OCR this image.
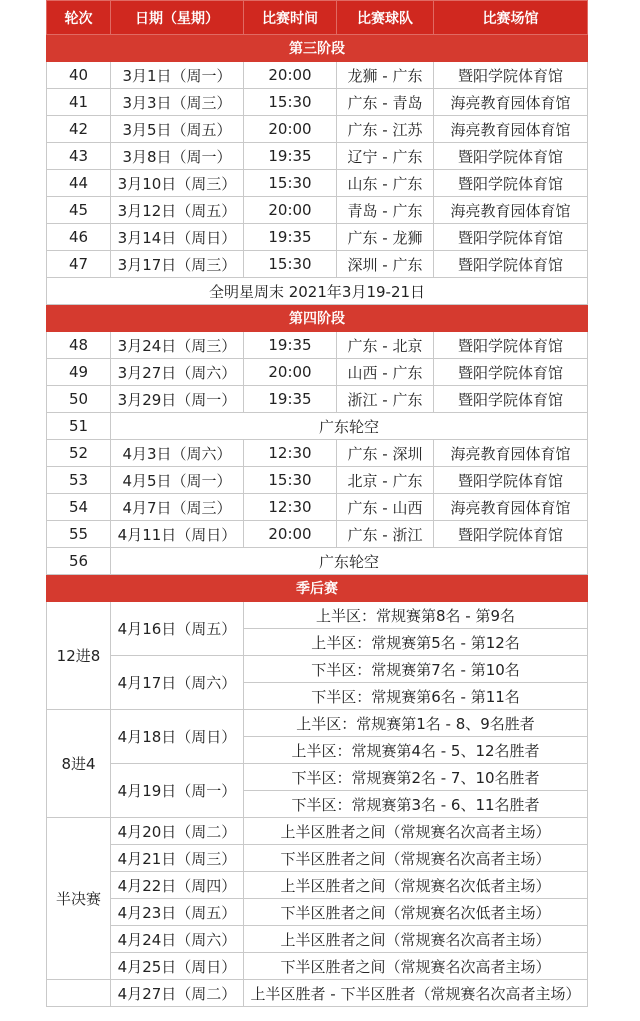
轮次	日期（星期）	比赛时间	比赛球队	比赛场馆
第三阶段				
40	3月1日（周一）	20:00	龙狮 - 广东	暨阳学院体育馆
41	3月3日（周三）	15:30	广东 - 青岛	海亮教育园体育馆
42	3月5日（周五）	20:00	广东 - 江苏	海亮教育园体育馆
43	3月8日（周一）	19:35	辽宁 - 广东	暨阳学院体育馆
44	3月10日（周三）	15:30	山东 - 广东	暨阳学院体育馆
45	3月12日（周五）	20:00	青岛 - 广东	海亮教育园体育馆
46	3月14日（周日）	19:35	广东 - 龙狮	暨阳学院体育馆
47	3月17日（周三）	15:30	深圳 - 广东	暨阳学院体育馆
全明星周末 2021年3月19-21日				
第四阶段				
48	3月24日（周三）	19:35	广东 - 北京	暨阳学院体育馆
49	3月27日（周六）	20:00	山西 - 广东	暨阳学院体育馆
50	3月29日（周一）	19:35	浙江 - 广东	暨阳学院体育馆
51	广东轮空			
52	4月3日（周六）	12:30	广东 - 深圳	海亮教育园体育馆
53	4月5日（周一）	15:30	北京 - 广东	暨阳学院体育馆
54	4月7日（周三）	12:30	广东 - 山西	海亮教育园体育馆
55	4月11日（周日）	20:00	广东 - 浙江	暨阳学院体育馆
56	广东轮空			
季后赛				
12进8	4月16日（周五）	上半区：常规赛第8名 - 第9名		
		上半区：常规赛第5名 - 第12名		
	4月17日（周六）	下半区：常规赛第7名 - 第10名		
		下半区：常规赛第6名 - 第11名		
8进4	4月18日（周日）	上半区：常规赛第1名 - 8、9名胜者		
		上半区：常规赛第4名 - 5、12名胜者		
	4月19日（周一）	下半区：常规赛第2名 - 7、10名胜者		
		下半区：常规赛第3名 - 6、11名胜者		
半决赛	4月20日（周二）	上半区胜者之间（常规赛名次高者主场）		
	4月21日（周三）	下半区胜者之间（常规赛名次高者主场）		
	4月22日（周四）	上半区胜者之间（常规赛名次低者主场）		
	4月23日（周五）	下半区胜者之间（常规赛名次低者主场）		
	4月24日（周六）	上半区胜者之间（常规赛名次高者主场）		
	4月25日（周日）	下半区胜者之间（常规赛名次高者主场）		
	4月27日（周二）	上半区胜者 - 下半区胜者（常规赛名次高者主场）		
